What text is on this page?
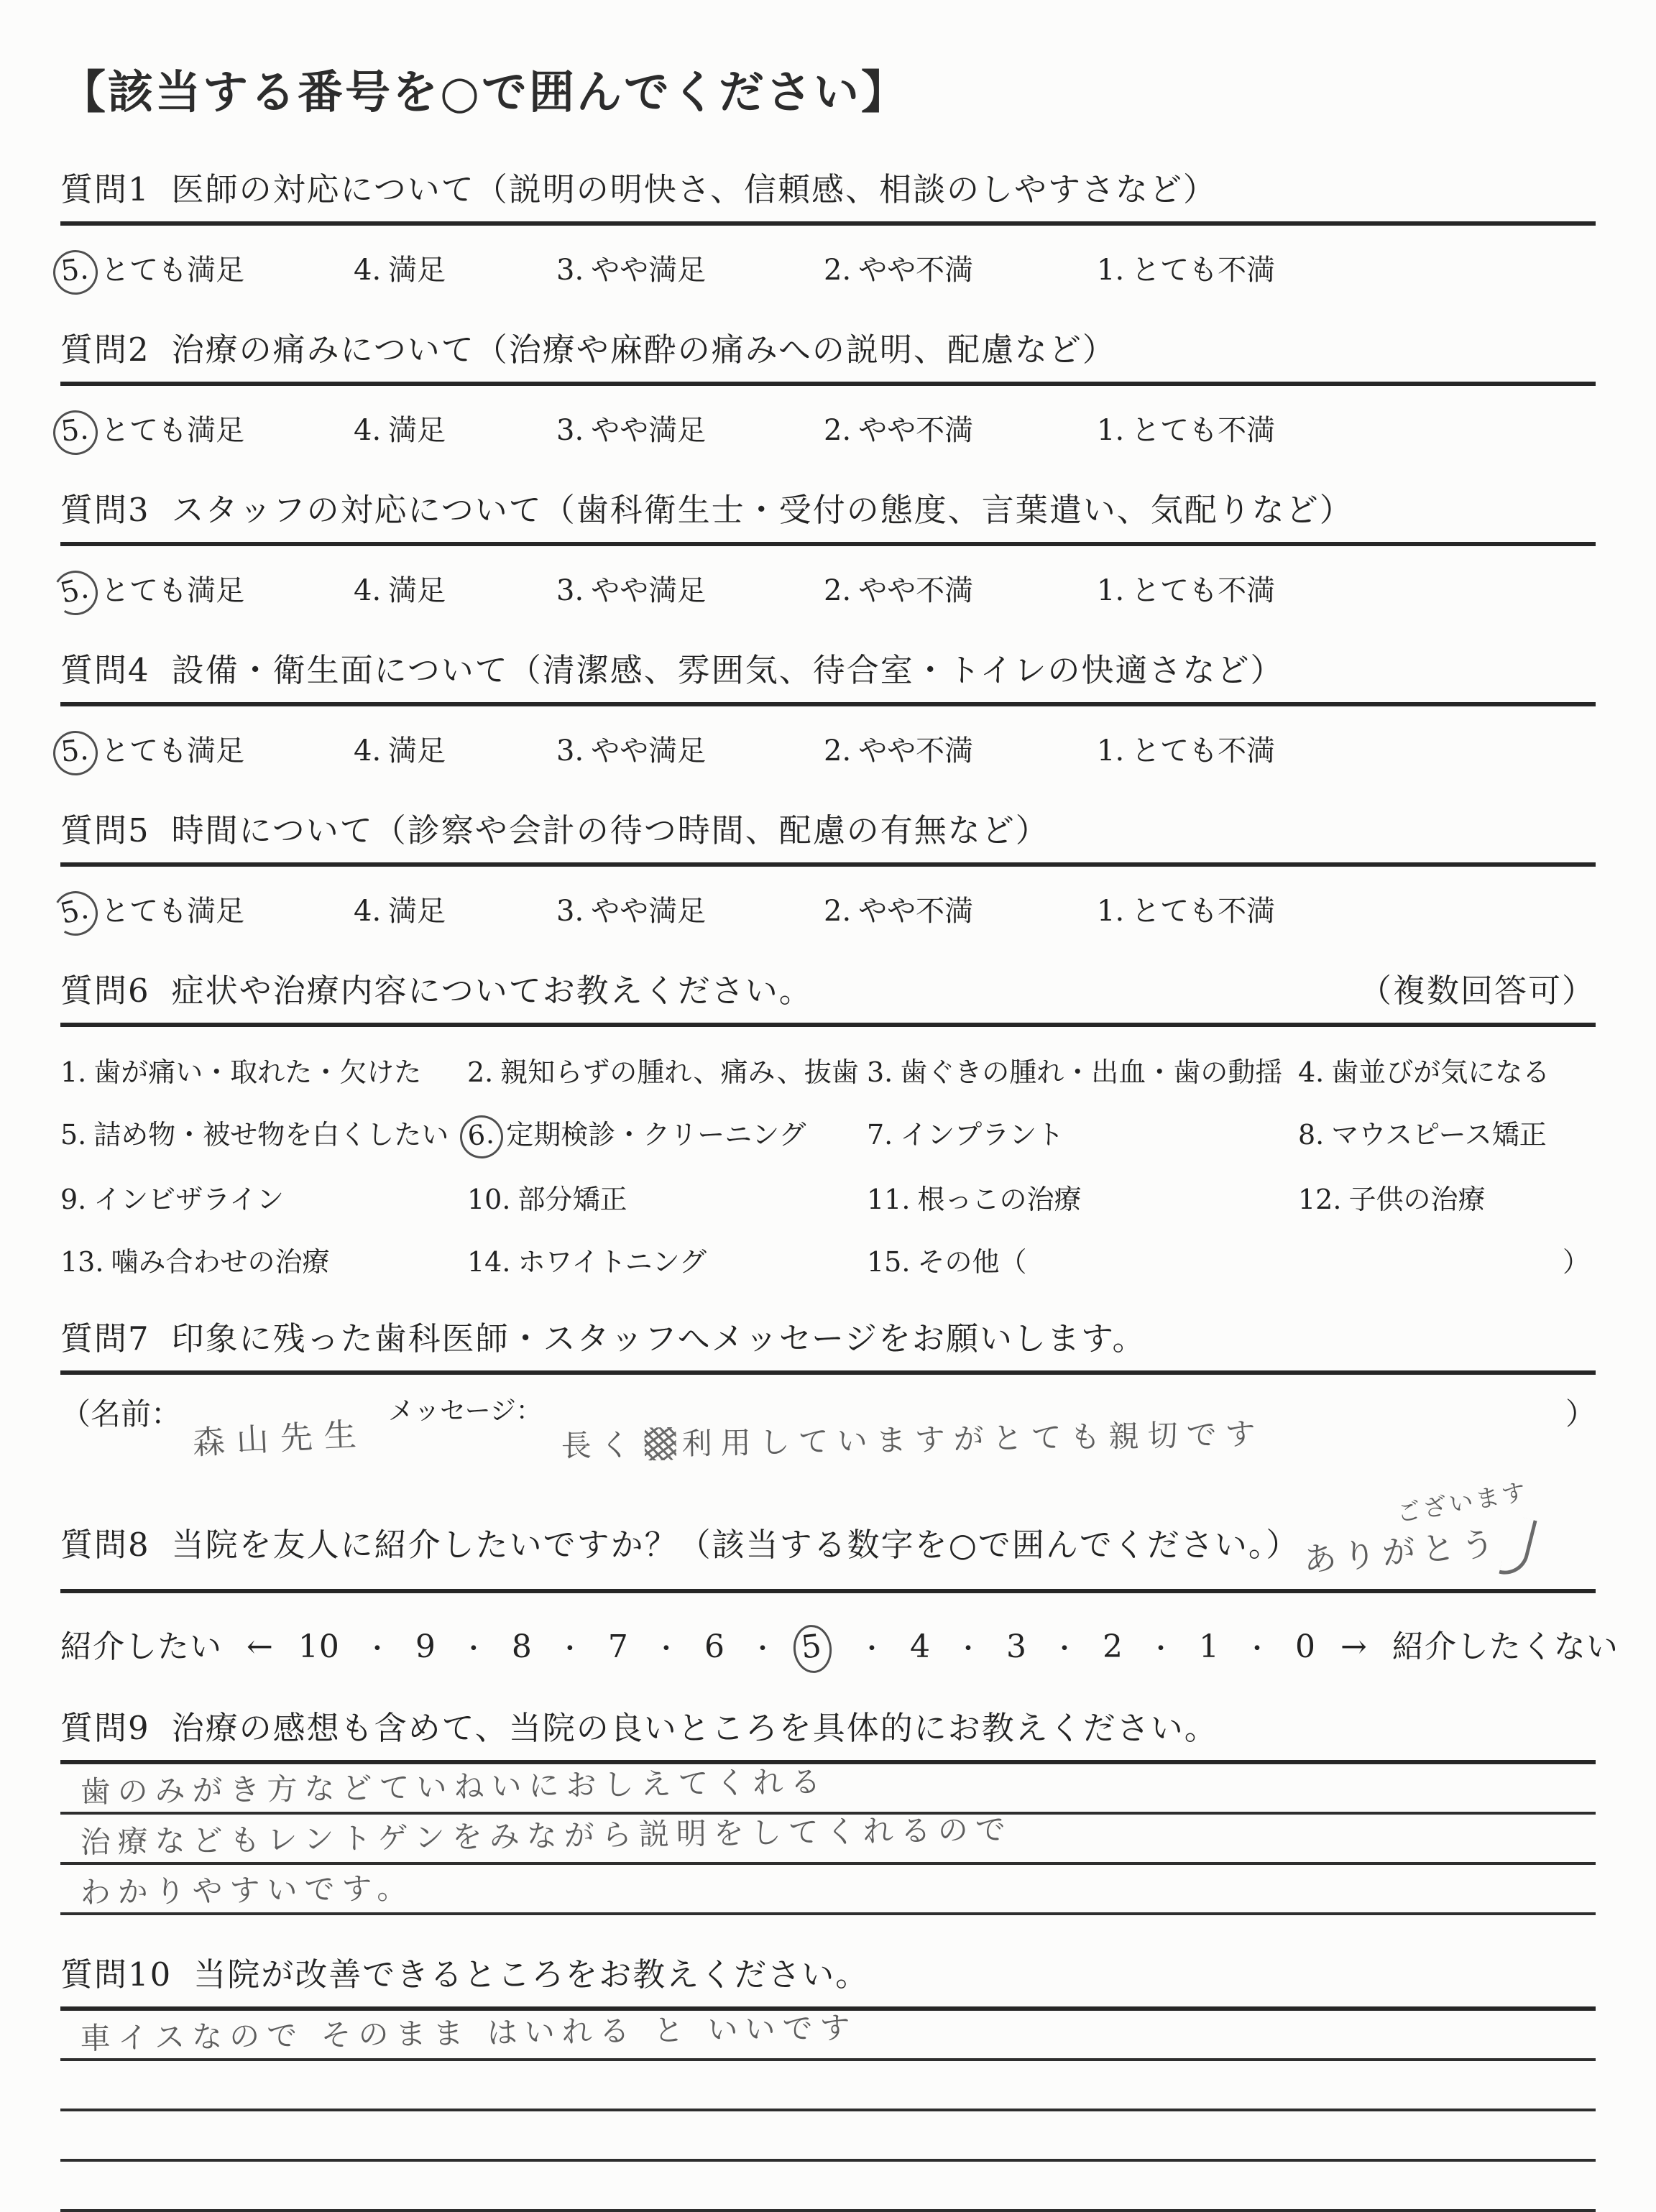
【該当する番号を○で囲んでください】
質問1 医師の対応について（説明の明快さ、信頼感、相談のしやすさなど）
5. とても満足	4. 満足	3. やや満足	2. やや不満	1. とても不満
質問2 治療の痛みについて（治療や麻酔の痛みへの説明、配慮など）
5. とても満足	4. 満足	3. やや満足	2. やや不満	1. とても不満
質問3 スタッフの対応について（歯科衛生士・受付の態度、言葉遣い、気配りなど）
5. とても満足	4. 満足	3. やや満足	2. やや不満	1. とても不満
質問4 設備・衛生面について（清潔感、雰囲気、待合室・トイレの快適さなど）
5. とても満足	4. 満足	3. やや満足	2. やや不満	1. とても不満
質問5 時間について（診察や会計の待つ時間、配慮の有無など）
5. とても満足	4. 満足	3. やや満足	2. やや不満	1. とても不満
質問6 症状や治療内容についてお教えください。	（複数回答可）
1. 歯が痛い・取れた・欠けた	2. 親知らずの腫れ、痛み、抜歯 3. 歯ぐきの腫れ・出血・歯の動揺 4. 歯並びが気になる
5. 詰め物・被せ物を白くしたい 6. 定期検診・クリーニング	7. インプラント	8. マウスピース矯正
9. インビザライン	10. 部分矯正	11. 根っこの治療	12. 子供の治療
13. 噛み合わせの治療	14. ホワイトニング	15. その他（	）
質問7 印象に残った歯科医師・スタッフへメッセージをお願いします。
（名前：
森山先生
メッセージ：
長く 利用していますがとても親切です
）
質問8 当院を友人に紹介したいですか？（該当する数字を○で囲んでください。） ありがとう
ございます
紹介したい ← 10 ・ 9 ・ 8 ・ 7 ・ 6 ・ 5	・ 4 ・ 3 ・ 2 ・ 1 ・ 0 → 紹介したくない
質問9 治療の感想も含めて、当院の良いところを具体的にお教えください。
歯のみがき方などていねいにおしえてくれる
治療などもレントゲンをみながら説明をしてくれるので
わかりやすいです。
質問10 当院が改善できるところをお教えください。
車イスなので そのまま はいれる と いいです
